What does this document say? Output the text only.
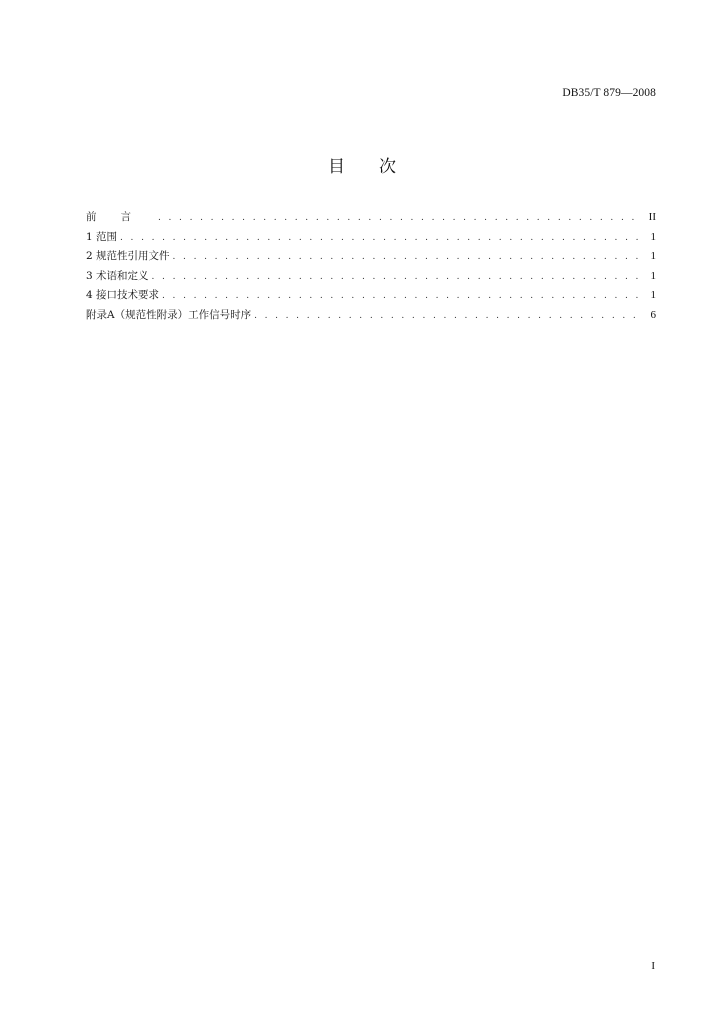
DB35/T 879—2008
目次
前言 . . .	II
1 范围 . . .	1
2 规范性引用文件 . . .	1
3 术语和定义 . . .	1
4 接口技术要求 . . .	1
附录A（规范性附录）工作信号时序 . . .	6
I
